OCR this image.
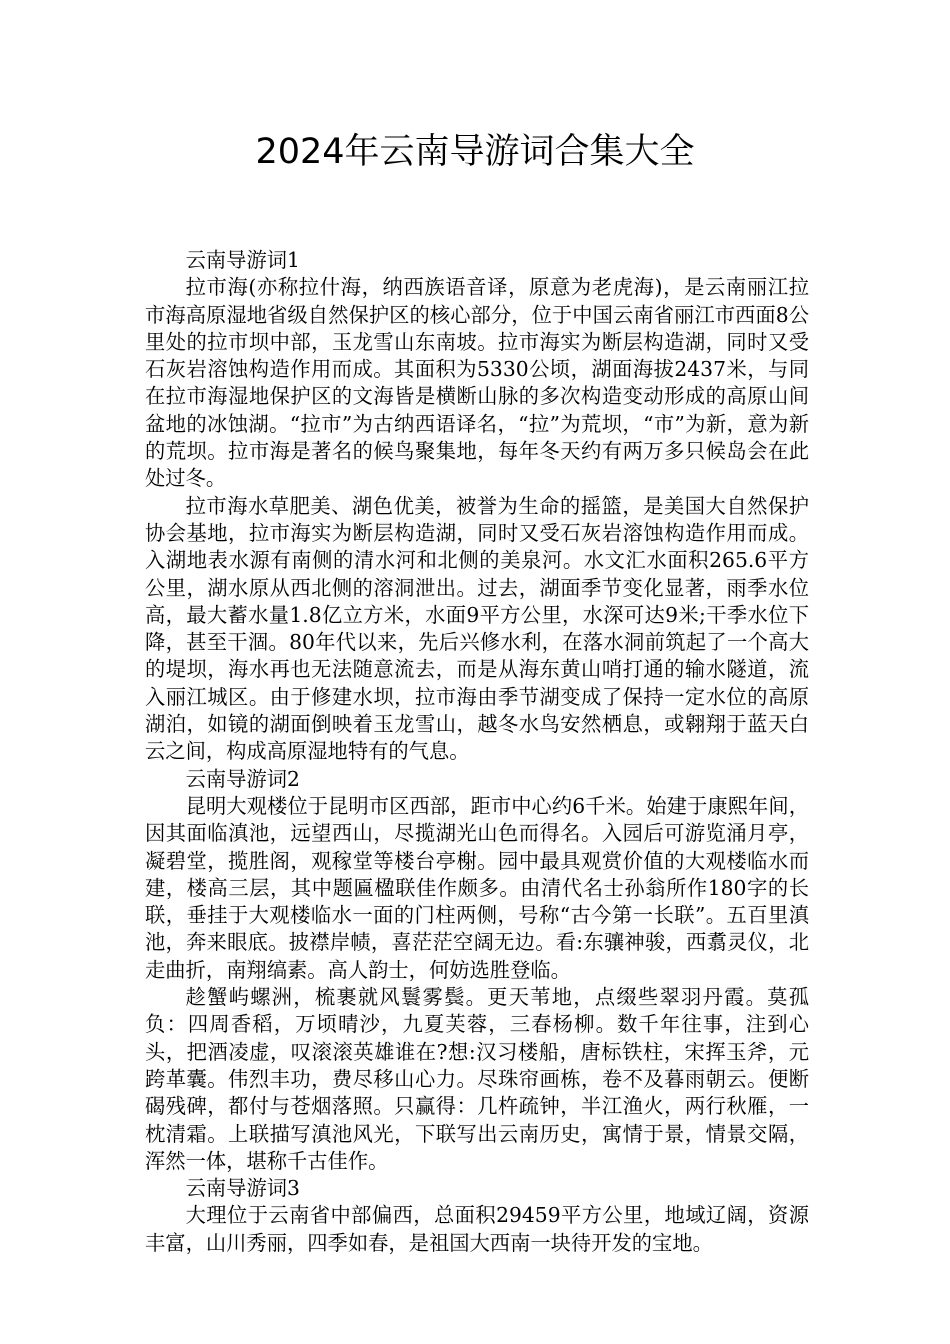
2024年云南导游词合集大全

云南导游词1

拉市海(亦称拉什海，纳西族语音译，原意为老虎海)，是云南丽江拉市海高原湿地省级自然保护区的核心部分，位于中国云南省丽江市西面8公里处的拉市坝中部，玉龙雪山东南坡。拉市海实为断层构造湖，同时又受石灰岩溶蚀构造作用而成。其面积为5330公顷，湖面海拔2437米，与同在拉市海湿地保护区的文海皆是横断山脉的多次构造变动形成的高原山间盆地的冰蚀湖。“拉市”为古纳西语译名，“拉”为荒坝，“市”为新，意为新的荒坝。拉市海是著名的候鸟聚集地，每年冬天约有两万多只候岛会在此处过冬。

拉市海水草肥美、湖色优美，被誉为生命的摇篮，是美国大自然保护协会基地，拉市海实为断层构造湖，同时又受石灰岩溶蚀构造作用而成。入湖地表水源有南侧的清水河和北侧的美泉河。水文汇水面积265.6平方公里，湖水原从西北侧的溶洞泄出。过去，湖面季节变化显著，雨季水位高，最大蓄水量1.8亿立方米，水面9平方公里，水深可达9米;干季水位下降，甚至干涸。80年代以来，先后兴修水利，在落水洞前筑起了一个高大的堤坝，海水再也无法随意流去，而是从海东黄山哨打通的输水隧道，流入丽江城区。由于修建水坝，拉市海由季节湖变成了保持一定水位的高原湖泊，如镜的湖面倒映着玉龙雪山，越冬水鸟安然栖息，或翱翔于蓝天白云之间，构成高原湿地特有的气息。

云南导游词2

昆明大观楼位于昆明市区西部，距市中心约6千米。始建于康熙年间，因其面临滇池，远望西山，尽揽湖光山色而得名。入园后可游览涌月亭，凝碧堂，揽胜阁，观稼堂等楼台亭榭。园中最具观赏价值的大观楼临水而建，楼高三层，其中题匾楹联佳作颇多。由清代名士孙翁所作180字的长联，垂挂于大观楼临水一面的门柱两侧，号称“古今第一长联”。五百里滇池，奔来眼底。披襟岸帻，喜茫茫空阔无边。看:东骧神骏，西翥灵仪，北走曲折，南翔缟素。高人韵士，何妨选胜登临。

趁蟹屿螺洲，梳裹就风鬟雾鬓。更天苇地，点缀些翠羽丹霞。莫孤负：四周香稻，万顷晴沙，九夏芙蓉，三春杨柳。数千年往事，注到心头，把酒凌虚，叹滚滚英雄谁在?想:汉习楼船，唐标铁柱，宋挥玉斧，元跨革囊。伟烈丰功，费尽移山心力。尽珠帘画栋，卷不及暮雨朝云。便断碣残碑，都付与苍烟落照。只赢得：几杵疏钟，半江渔火，两行秋雁，一枕清霜。上联描写滇池风光，下联写出云南历史，寓情于景，情景交隔，浑然一体，堪称千古佳作。

云南导游词3

大理位于云南省中部偏西，总面积29459平方公里，地域辽阔，资源丰富，山川秀丽，四季如春，是祖国大西南一块待开发的宝地。
